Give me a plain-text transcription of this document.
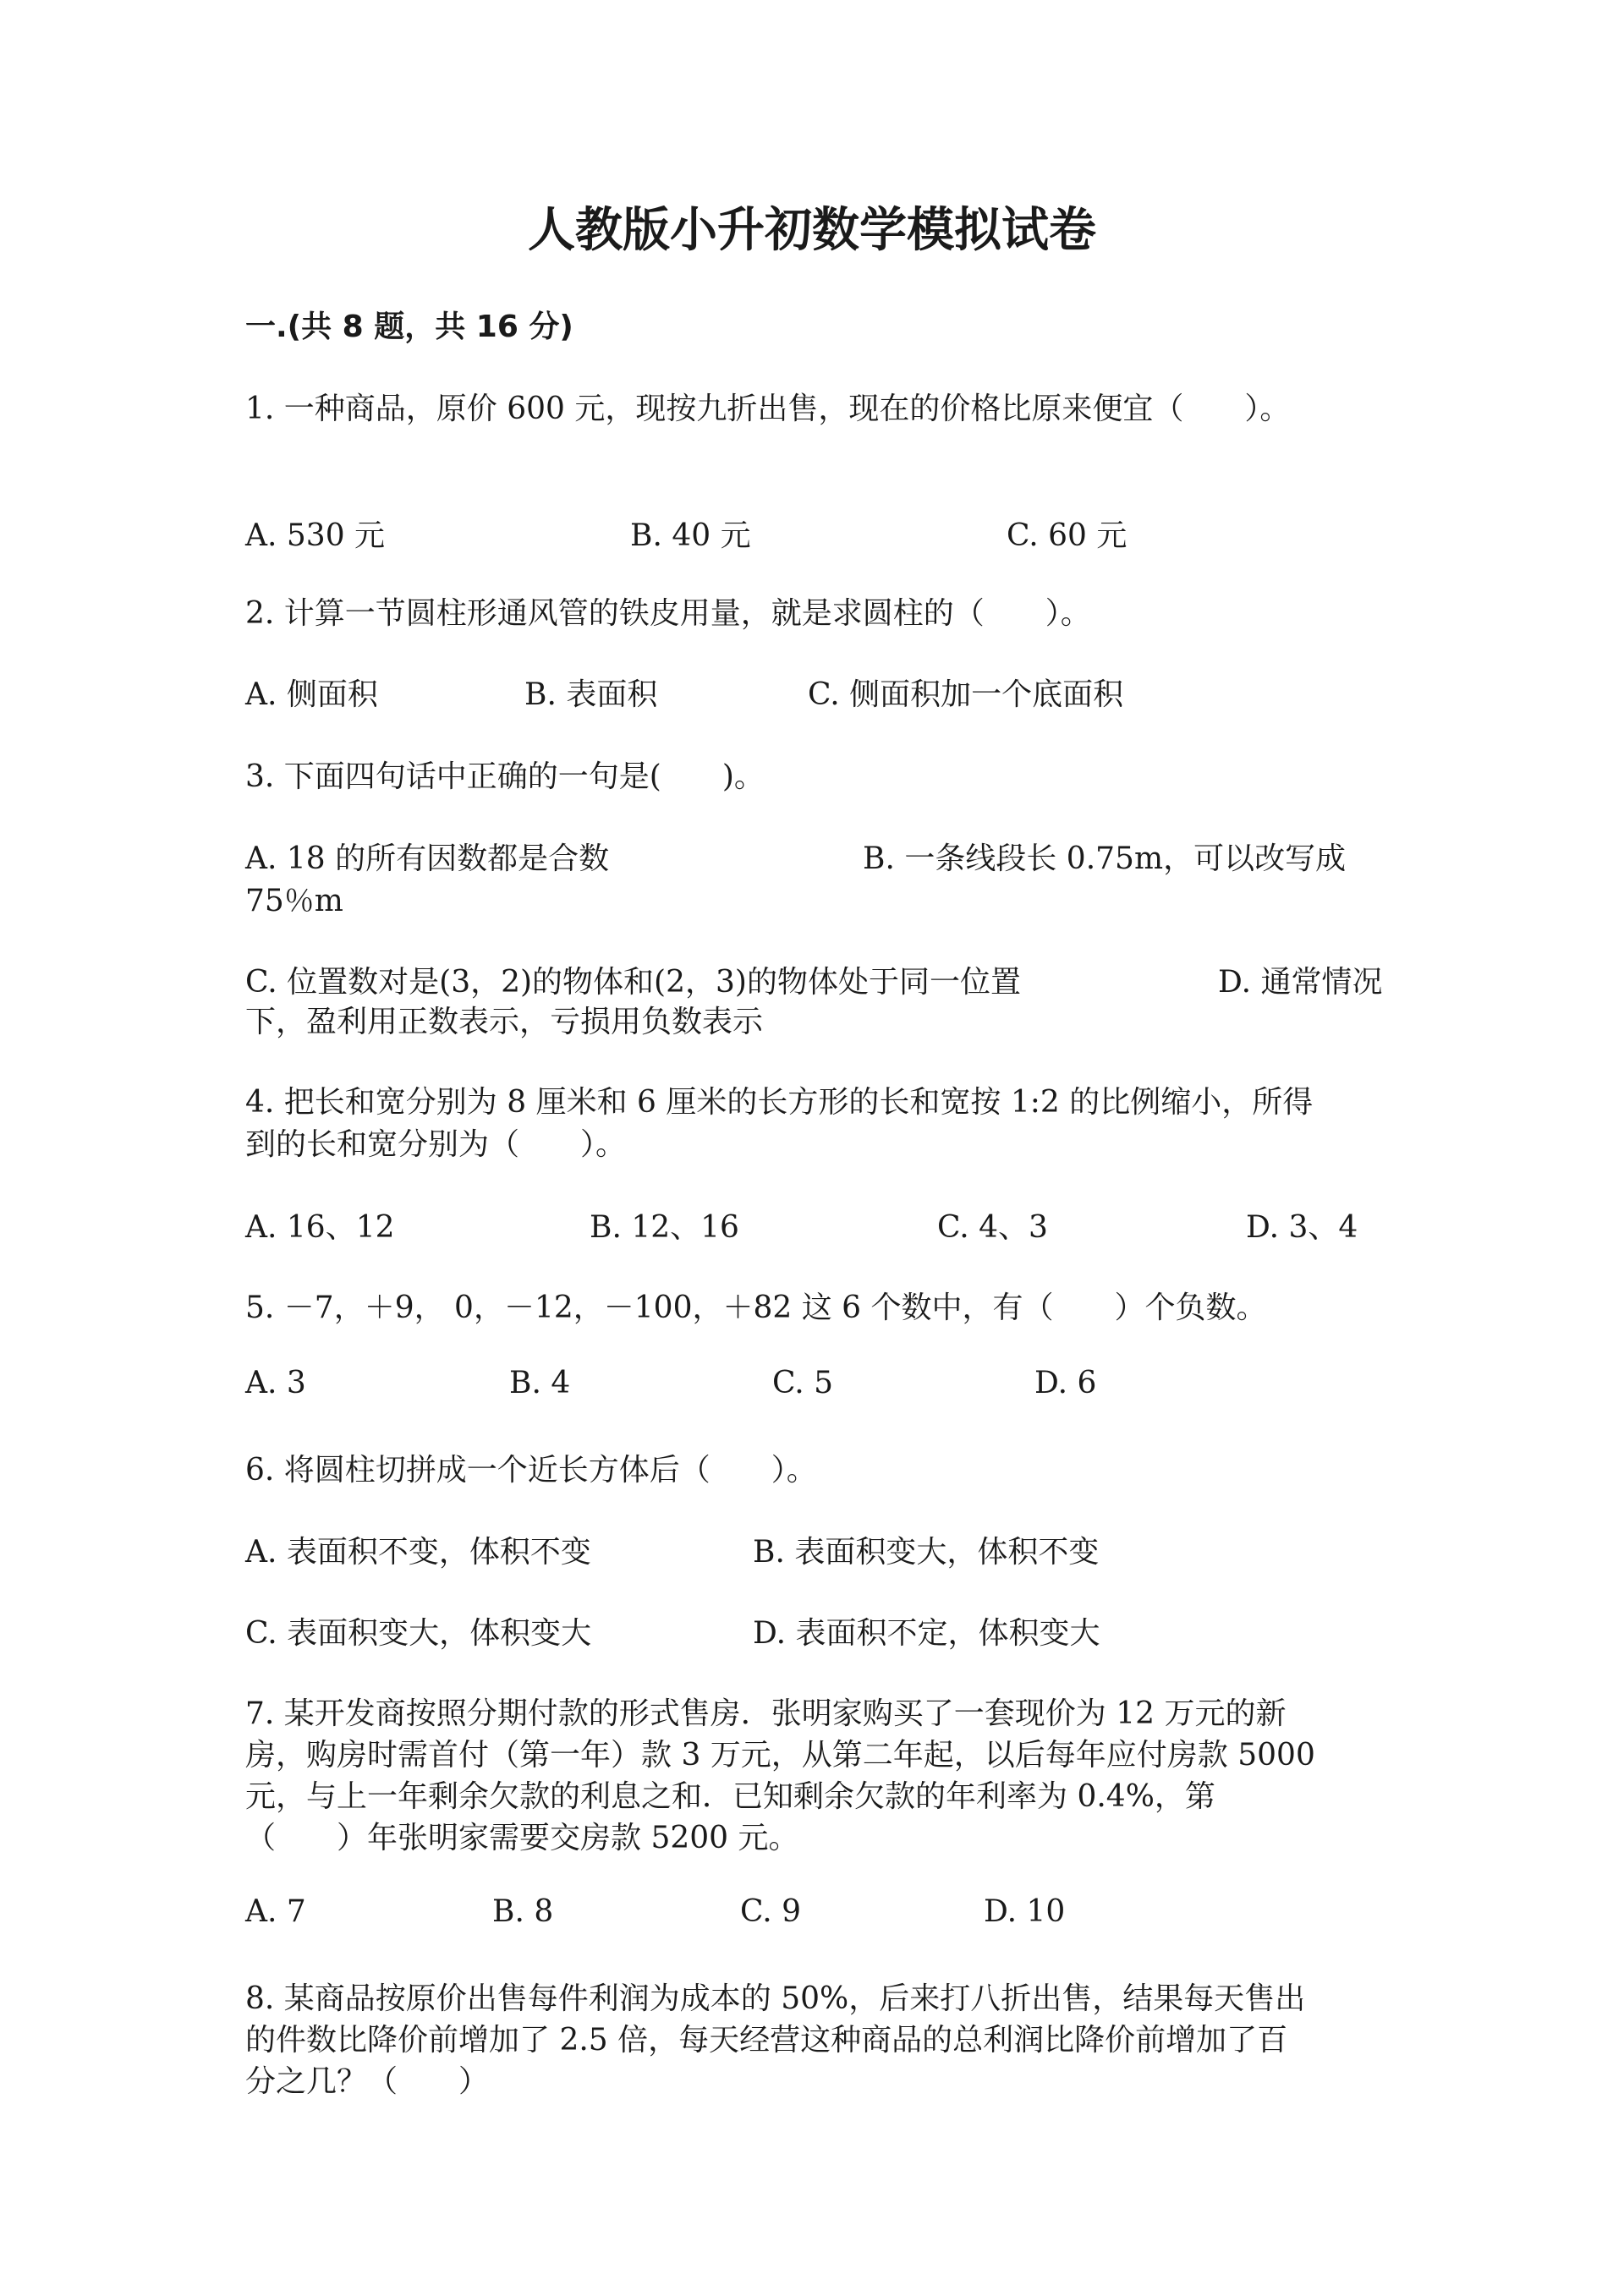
人教版小升初数学模拟试卷
一.(共 8 题，共 16 分)
1. 一种商品，原价 600 元，现按九折出售，现在的价格比原来便宜（　　）。
A. 530 元	B. 40 元	C. 60 元
2. 计算一节圆柱形通风管的铁皮用量，就是求圆柱的（　　）。
A. 侧面积	B. 表面积	C. 侧面积加一个底面积
3. 下面四句话中正确的一句是(　　)。
A. 18 的所有因数都是合数	B. 一条线段长 0.75m，可以改写成
75％m
C. 位置数对是(3，2)的物体和(2，3)的物体处于同一位置	D. 通常情况
下，盈利用正数表示，亏损用负数表示
4. 把长和宽分别为 8 厘米和 6 厘米的长方形的长和宽按 1:2 的比例缩小，所得
到的长和宽分别为（　　）。
A. 16、12	B. 12、16	C. 4、3	D. 3、4
5. －7，＋9， 0，－12，－100，＋82 这 6 个数中，有（　　）个负数。
A. 3	B. 4	C. 5	D. 6
6. 将圆柱切拼成一个近长方体后（　　）。
A. 表面积不变，体积不变	B. 表面积变大，体积不变
C. 表面积变大，体积变大	D. 表面积不定，体积变大
7. 某开发商按照分期付款的形式售房．张明家购买了一套现价为 12 万元的新
房，购房时需首付（第一年）款 3 万元，从第二年起，以后每年应付房款 5000
元，与上一年剩余欠款的利息之和．已知剩余欠款的年利率为 0.4%，第
（　　）年张明家需要交房款 5200 元。
A. 7	B. 8	C. 9	D. 10
8. 某商品按原价出售每件利润为成本的 50%，后来打八折出售，结果每天售出
的件数比降价前增加了 2.5 倍，每天经营这种商品的总利润比降价前增加了百
分之几？（　　）
